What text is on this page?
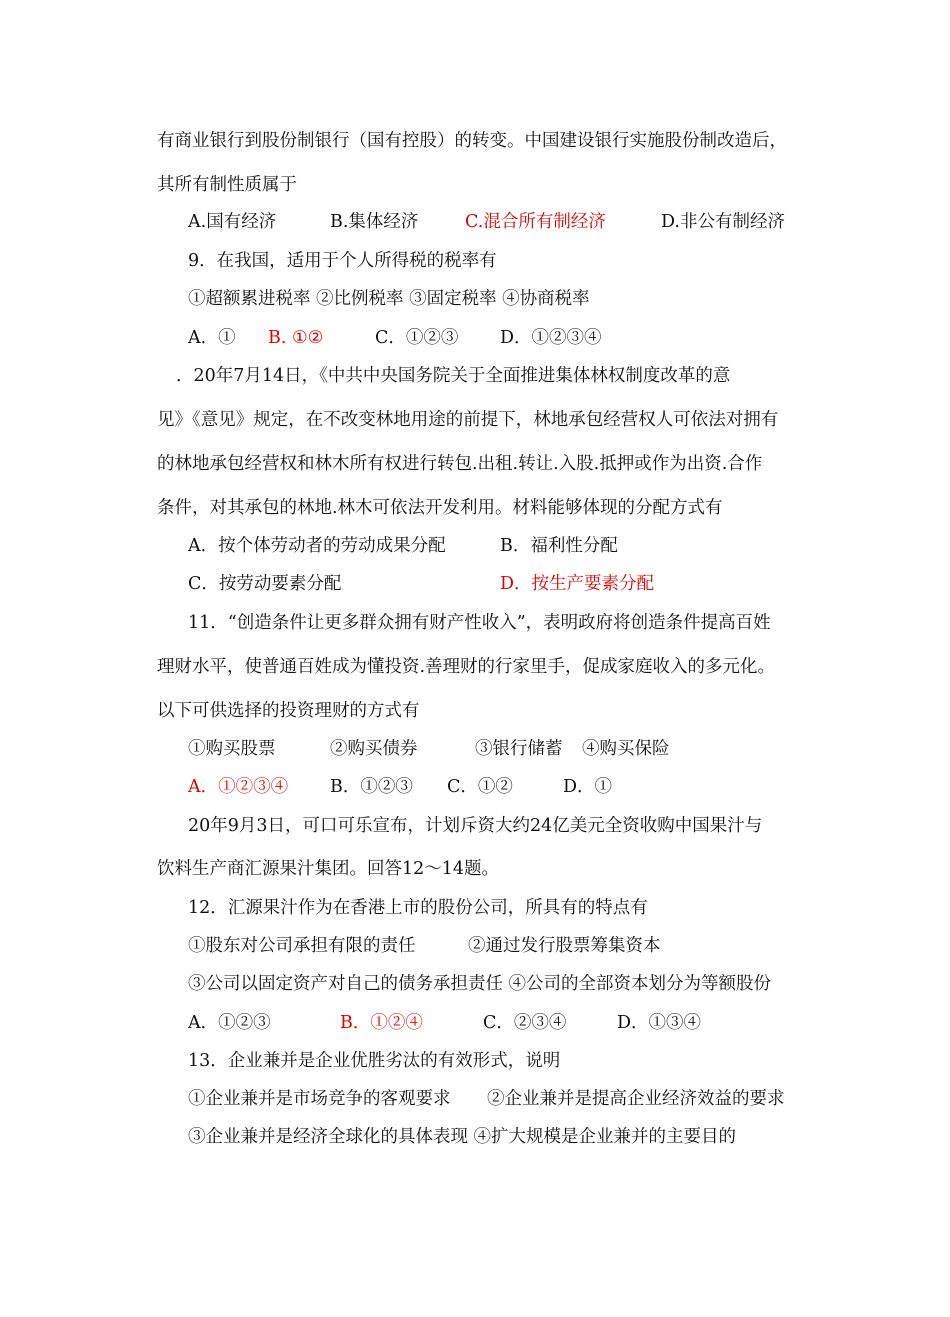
有商业银行到股份制银行（国有控股）的转变。中国建设银行实施股份制改造后，
其所有制性质属于
A.国有经济	B.集体经济	C.混合所有制经济	D.非公有制经济
9．在我国，适用于个人所得税的税率有
①超额累进税率 ②比例税率 ③固定税率 ④协商税率
A．① B. ①②	C．①②③ D．①②③④
．20年7月14日，《中共中央国务院关于全面推进集体林权制度改革的意
见》《意见》规定，在不改变林地用途的前提下，林地承包经营权人可依法对拥有
的林地承包经营权和林木所有权进行转包.出租.转让.入股.抵押或作为出资.合作
条件，对其承包的林地.林木可依法开发利用。材料能够体现的分配方式有
A．按个体劳动者的劳动成果分配	B．福利性分配
C．按劳动要素分配	D．按生产要素分配
11．“创造条件让更多群众拥有财产性收入”，表明政府将创造条件提高百姓
理财水平，使普通百姓成为懂投资.善理财的行家里手，促成家庭收入的多元化。
以下可供选择的投资理财的方式有
①购买股票	②购买债券	③银行储蓄 ④购买保险
A．①②③④ B．①②③ C．①②	D．①
20年9月3日，可口可乐宣布，计划斥资大约24亿美元全资收购中国果汁与
饮料生产商汇源果汁集团。回答12～14题。
12．汇源果汁作为在香港上市的股份公司，所具有的特点有
①股东对公司承担有限的责任	②通过发行股票筹集资本
③公司以固定资产对自己的债务承担责任 ④公司的全部资本划分为等额股份
A．①②③	B．①②④	C．②③④	D．①③④
13．企业兼并是企业优胜劣汰的有效形式，说明
①企业兼并是市场竞争的客观要求 ②企业兼并是提高企业经济效益的要求
③企业兼并是经济全球化的具体表现 ④扩大规模是企业兼并的主要目的
